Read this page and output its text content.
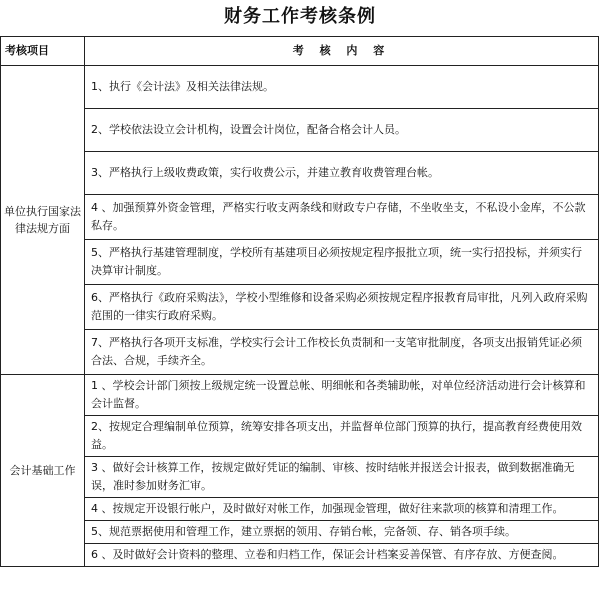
财务工作考核条例
考核项目	考 核 内 容
单位执行国家法律法规方面	1、执行《会计法》及相关法律法规。
	2、学校依法设立会计机构，设置会计岗位，配备合格会计人员。
	3、严格执行上级收费政策，实行收费公示，并建立教育收费管理台帐。
	4 、加强预算外资金管理，严格实行收支两条线和财政专户存储，不坐收坐支，不私设小金库，不公款私存。
	5、严格执行基建管理制度，学校所有基建项目必须按规定程序报批立项，统一实行招投标，并须实行决算审计制度。
	6、严格执行《政府采购法》，学校小型维修和设备采购必须按规定程序报教育局审批，凡列入政府采购范围的一律实行政府采购。
	7、严格执行各项开支标准，学校实行会计工作校长负责制和一支笔审批制度，各项支出报销凭证必须合法、合规，手续齐全。
会计基础工作	1 、学校会计部门须按上级规定统一设置总帐、明细帐和各类辅助帐，对单位经济活动进行会计核算和会计监督。
	2、按规定合理编制单位预算，统筹安排各项支出，并监督单位部门预算的执行，提高教育经费使用效益。
	3 、做好会计核算工作，按规定做好凭证的编制、审核、按时结帐并报送会计报表，做到数据准确无误，准时参加财务汇审。
	4 、按规定开设银行帐户，及时做好对帐工作，加强现金管理，做好往来款项的核算和清理工作。
	5、规范票据使用和管理工作，建立票据的领用、存销台帐，完备领、存、销各项手续。
	6 、及时做好会计资料的整理、立卷和归档工作，保证会计档案妥善保管、有序存放、方便查阅。
